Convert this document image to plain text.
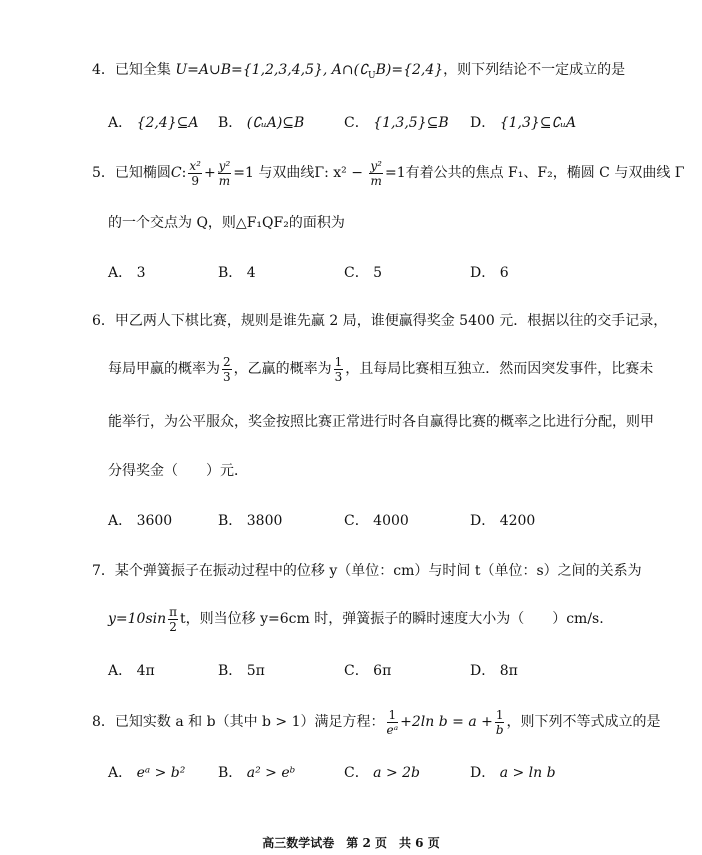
4．已知全集 U=A∪B={1,2,3,4,5}, $A\cap(∁_UB)=\{2,4\}$，则下列结论不一定成立的是
A． {2,4}⊆A B． (∁ᵤA)⊆B	C． {1,3,5}⊆B D． {1,3}⊆∁ᵤA
5．已知椭圆C: $\frac{\text{x²}}{9} + \frac{\text{y²}}{m} =1$ 与双曲线Γ: $x^2 - \frac{\text{y²}}{m} =1$有着公共的焦点 F₁、F₂，椭圆 C 与双曲线 Γ
的一个交点为 Q，则△F₁QF₂的面积为
A． 3	B． 4	C． 5	D． 6
6．甲乙两人下棋比赛，规则是谁先赢 2 局，谁便赢得奖金 5400 元．根据以往的交手记录，
每局甲赢的概率为 $\frac{2}{3}$ ，乙赢的概率为 $\frac{1}{3}$ ，且每局比赛相互独立．然而因突发事件，比赛未
能举行，为公平服众，奖金按照比赛正常进行时各自赢得比赛的概率之比进行分配，则甲
分得奖金（　　）元．
A． 3600	B． 3800	C． 4000	D． 4200
7．某个弹簧振子在振动过程中的位移 y（单位：cm）与时间 t（单位：s）之间的关系为
$y=10\sin \frac{\pi}{2}$ t，则当位移 y=6cm 时，弹簧振子的瞬时速度大小为（　　）cm/s.
A． 4π	B． 5π	C． 6π	D． 8π
8．已知实数 a 和 b（其中 b > 1）满足方程： $\frac{1}{\text{eᵃ}} +2\ln$ $b = a + \frac{1}{b}$ ，则下列不等式成立的是
A． eᵃ > b² B． a² > eᵇ	C． a > 2b	D． a > ln b
高三数学试卷　第 2 页　共 6 页
